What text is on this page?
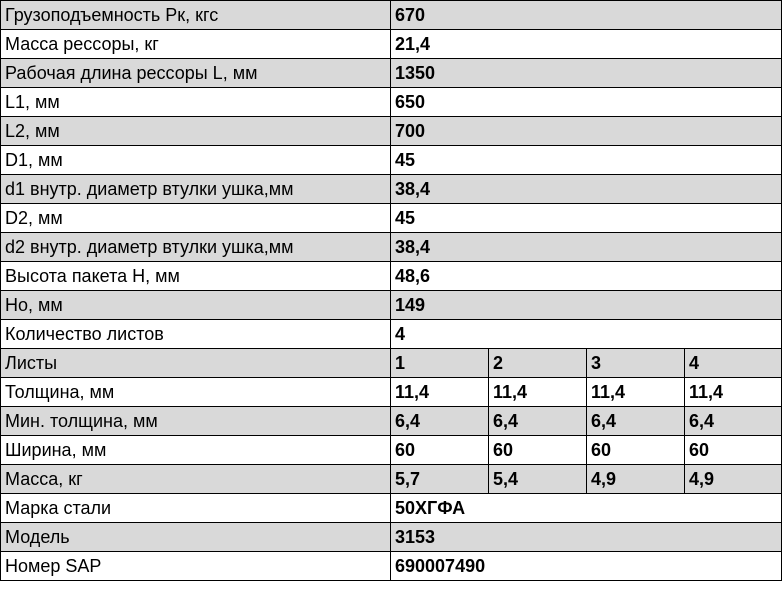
Грузоподъемность Рк, кгс	670			
Масса рессоры, кг	21,4			
Рабочая длина рессоры L, мм	1350			
L1, мм	650			
L2, мм	700			
D1, мм	45			
d1 внутр. диаметр втулки ушка,мм	38,4			
D2, мм	45			
d2 внутр. диаметр втулки ушка,мм	38,4			
Высота пакета H, мм	48,6			
Но, мм	149			
Количество листов	4			
Листы	1	2	3	4
Толщина, мм	11,4	11,4	11,4	11,4
Мин. толщина, мм	6,4	6,4	6,4	6,4
Ширина, мм	60	60	60	60
Масса, кг	5,7	5,4	4,9	4,9
Марка стали	50ХГФА			
Модель	3153			
Номер SAP	690007490			
